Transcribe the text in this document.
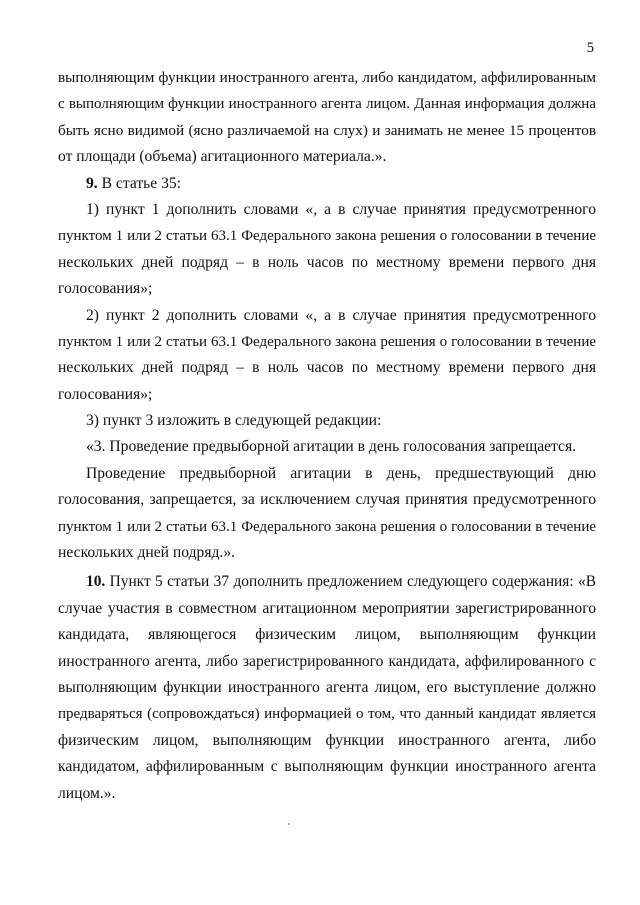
5
выполняющим функции иностранного агента, либо кандидатом, аффилированным
с выполняющим функции иностранного агента лицом. Данная информация должна
быть ясно видимой (ясно различаемой на слух) и занимать не менее 15 процентов
от площади (объема) агитационного материала.».
9. В статье 35:
1) пункт 1 дополнить словами «, а в случае принятия предусмотренного
пунктом 1 или 2 статьи 63.1 Федерального закона решения о голосовании в течение
нескольких дней подряд – в ноль часов по местному времени первого дня
голосования»;
2) пункт 2 дополнить словами «, а в случае принятия предусмотренного
пунктом 1 или 2 статьи 63.1 Федерального закона решения о голосовании в течение
нескольких дней подряд – в ноль часов по местному времени первого дня
голосования»;
3) пункт 3 изложить в следующей редакции:
«3. Проведение предвыборной агитации в день голосования запрещается.
Проведение предвыборной агитации в день, предшествующий дню
голосования, запрещается, за исключением случая принятия предусмотренного
пунктом 1 или 2 статьи 63.1 Федерального закона решения о голосовании в течение
нескольких дней подряд.».
10. Пункт 5 статьи 37 дополнить предложением следующего содержания: «В
случае участия в совместном агитационном мероприятии зарегистрированного
кандидата, являющегося физическим лицом, выполняющим функции
иностранного агента, либо зарегистрированного кандидата, аффилированного с
выполняющим функции иностранного агента лицом, его выступление должно
предваряться (сопровождаться) информацией о том, что данный кандидат является
физическим лицом, выполняющим функции иностранного агента, либо
кандидатом, аффилированным с выполняющим функции иностранного агента
лицом.».
